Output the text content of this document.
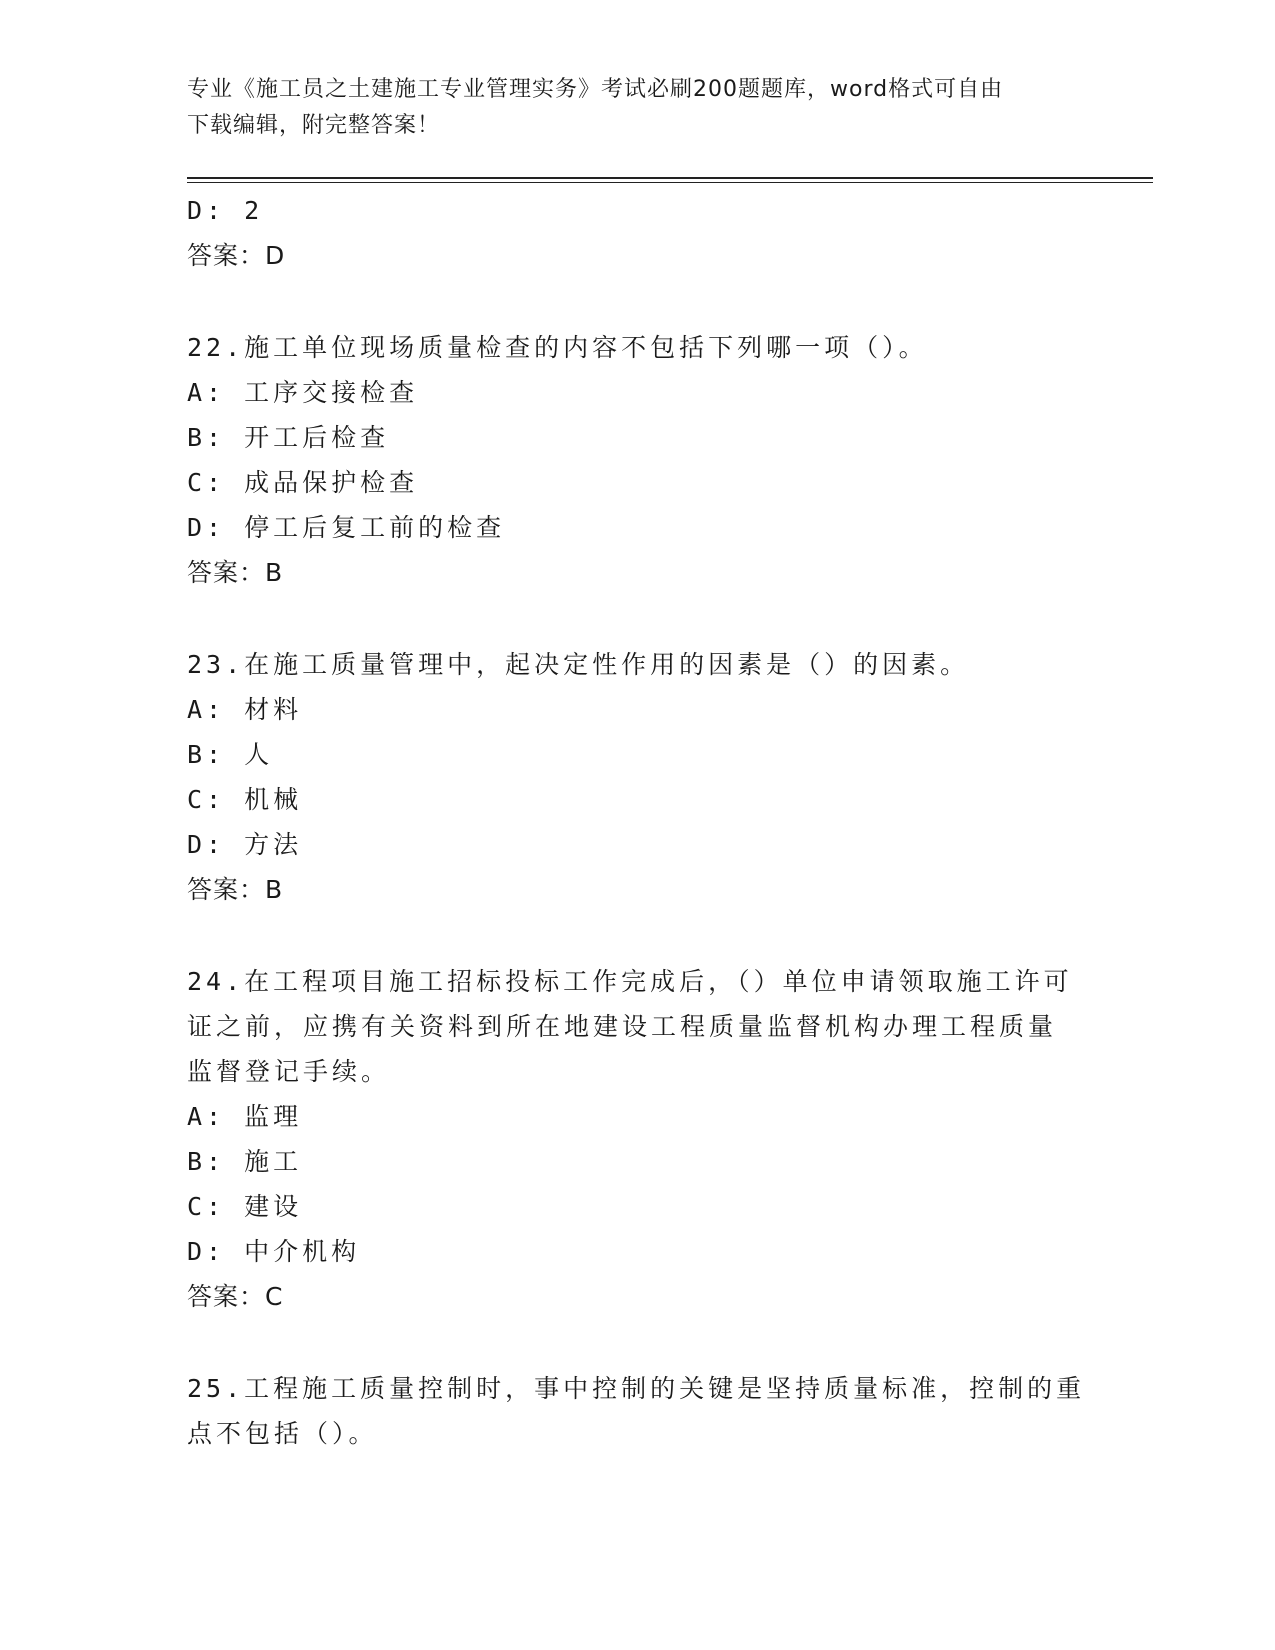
专业《施工员之土建施工专业管理实务》考试必刷200题题库，word格式可自由
下载编辑，附完整答案！
D: 2
答案：D
22.施工单位现场质量检查的内容不包括下列哪一项（）。
A: 工序交接检查
B: 开工后检查
C: 成品保护检查
D: 停工后复工前的检查
答案：B
23.在施工质量管理中，起决定性作用的因素是（）的因素。
A: 材料
B: 人
C: 机械
D: 方法
答案：B
24.在工程项目施工招标投标工作完成后，（）单位申请领取施工许可
证之前，应携有关资料到所在地建设工程质量监督机构办理工程质量
监督登记手续。
A: 监理
B: 施工
C: 建设
D: 中介机构
答案：C
25.工程施工质量控制时，事中控制的关键是坚持质量标准，控制的重
点不包括（）。
